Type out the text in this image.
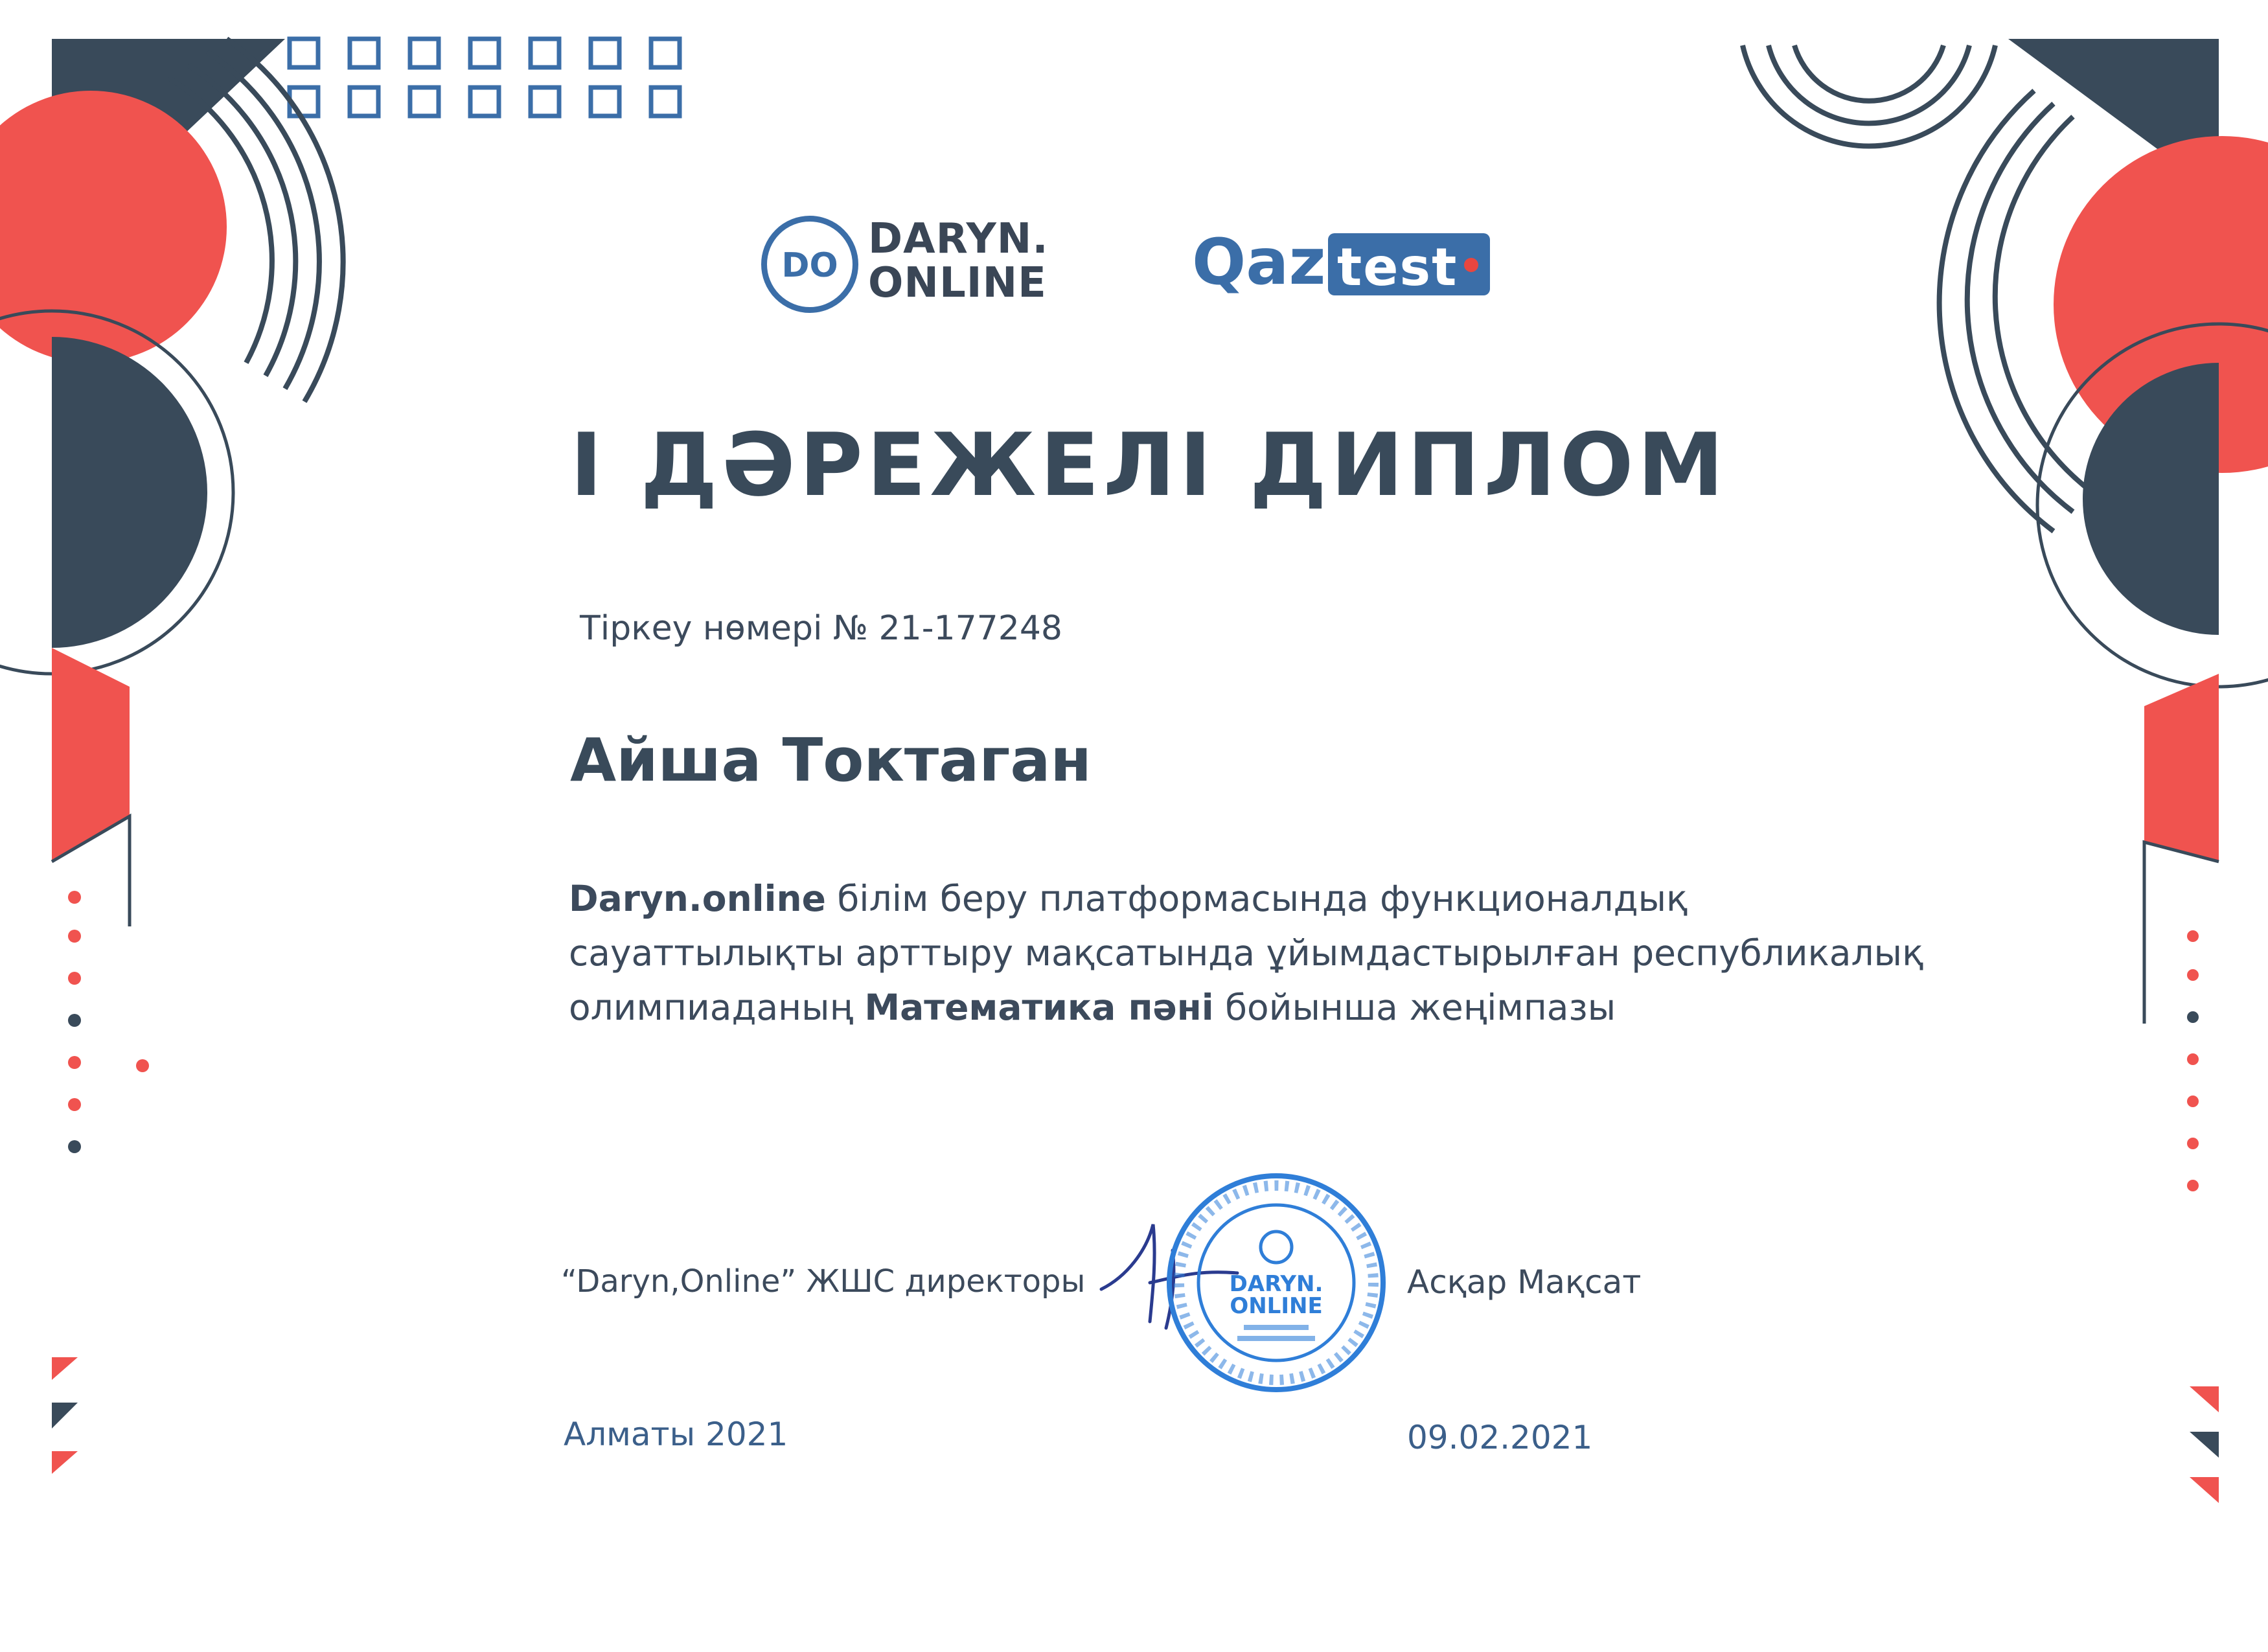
DO
DARYN.
ONLINE Qaz test
I ДӘРЕЖЕЛІ ДИПЛОМ
Тіркеу нөмері № 21-177248
Айша Токтаган
Daryn.online білім беру платформасында функционалдық сауаттылықты арттыру мақсатында ұйымдастырылған республикалық олимпиаданың Математика пәні бойынша жеңімпазы
“Daryn,Online” ЖШС директоры	DARYN.
ONLINE
Асқар Мақсат
Алматы 2021	09.02.2021
